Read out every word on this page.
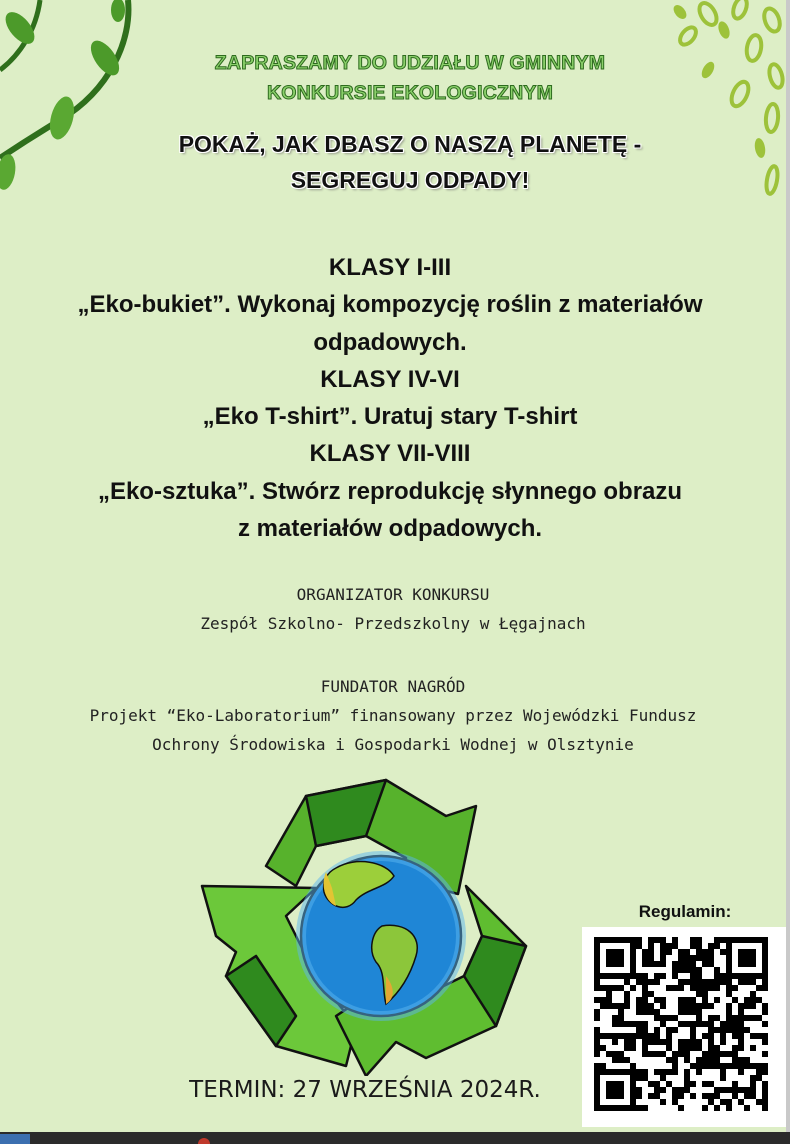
ZAPRASZAMY DO UDZIAŁU W GMINNYM
KONKURSIE EKOLOGICZNYM
POKAŻ, JAK DBASZ O NASZĄ PLANETĘ -
SEGREGUJ ODPADY!
KLASY I-III
„Eko-bukiet”. Wykonaj kompozycję roślin z materiałów
odpadowych.
KLASY IV-VI
„Eko T-shirt”. Uratuj stary T-shirt
KLASY VII-VIII
„Eko-sztuka”. Stwórz reprodukcję słynnego obrazu
z materiałów odpadowych.
ORGANIZATOR KONKURSU
Zespół Szkolno- Przedszkolny w Łęgajnach
FUNDATOR NAGRÓD
Projekt “Eko-Laboratorium” finansowany przez Wojewódzki Fundusz
Ochrony Środowiska i Gospodarki Wodnej w Olsztynie
TERMIN: 27 WRZEŚNIA 2024R.
Regulamin:
